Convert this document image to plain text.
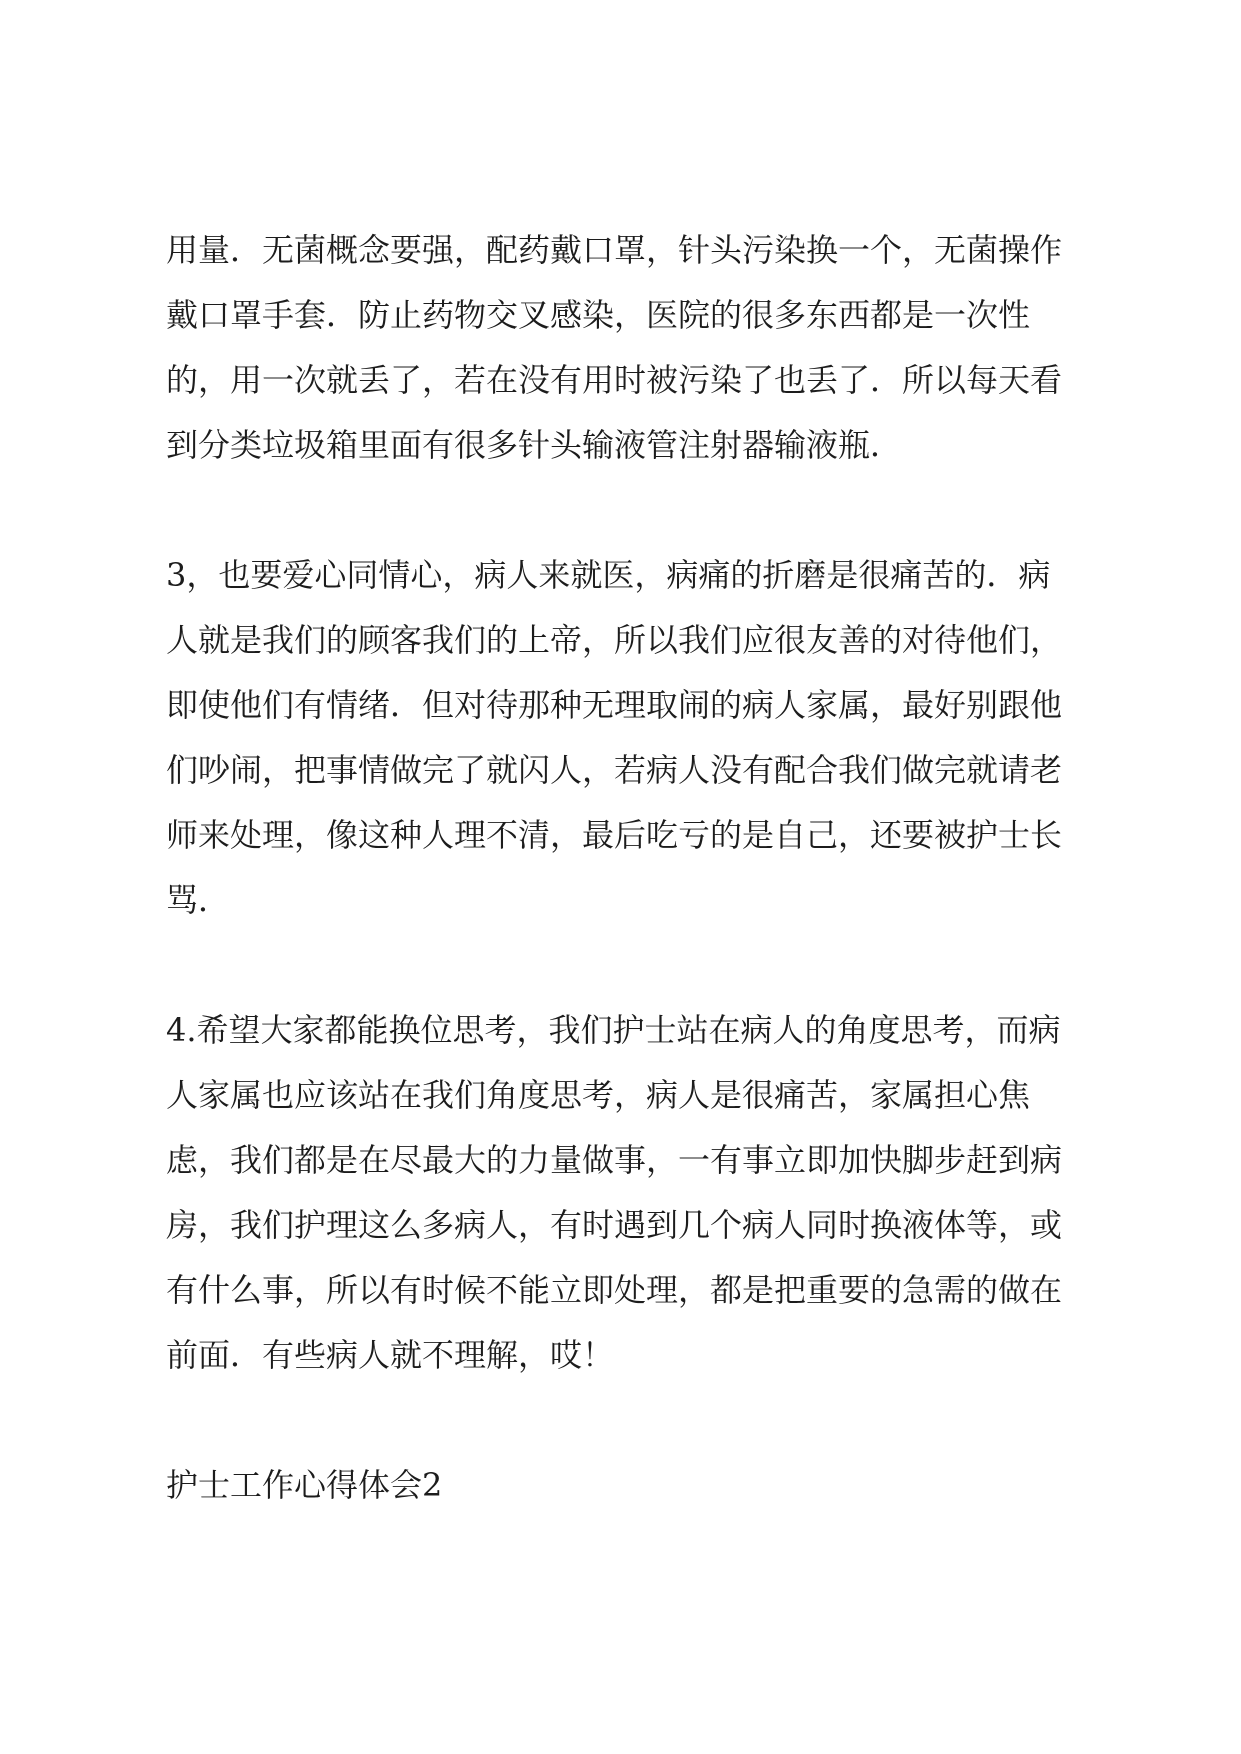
用量．无菌概念要强，配药戴口罩，针头污染换一个，无菌操作

戴口罩手套．防止药物交叉感染，医院的很多东西都是一次性

的，用一次就丢了，若在没有用时被污染了也丢了．所以每天看

到分类垃圾箱里面有很多针头输液管注射器输液瓶．

3，也要爱心同情心，病人来就医，病痛的折磨是很痛苦的．病

人就是我们的顾客我们的上帝，所以我们应很友善的对待他们，

即使他们有情绪．但对待那种无理取闹的病人家属，最好别跟他

们吵闹，把事情做完了就闪人，若病人没有配合我们做完就请老

师来处理，像这种人理不清，最后吃亏的是自己，还要被护士长

骂．

4.希望大家都能换位思考，我们护士站在病人的角度思考，而病

人家属也应该站在我们角度思考，病人是很痛苦，家属担心焦

虑，我们都是在尽最大的力量做事，一有事立即加快脚步赶到病

房，我们护理这么多病人，有时遇到几个病人同时换液体等，或

有什么事，所以有时候不能立即处理，都是把重要的急需的做在

前面．有些病人就不理解，哎！

护士工作心得体会2
